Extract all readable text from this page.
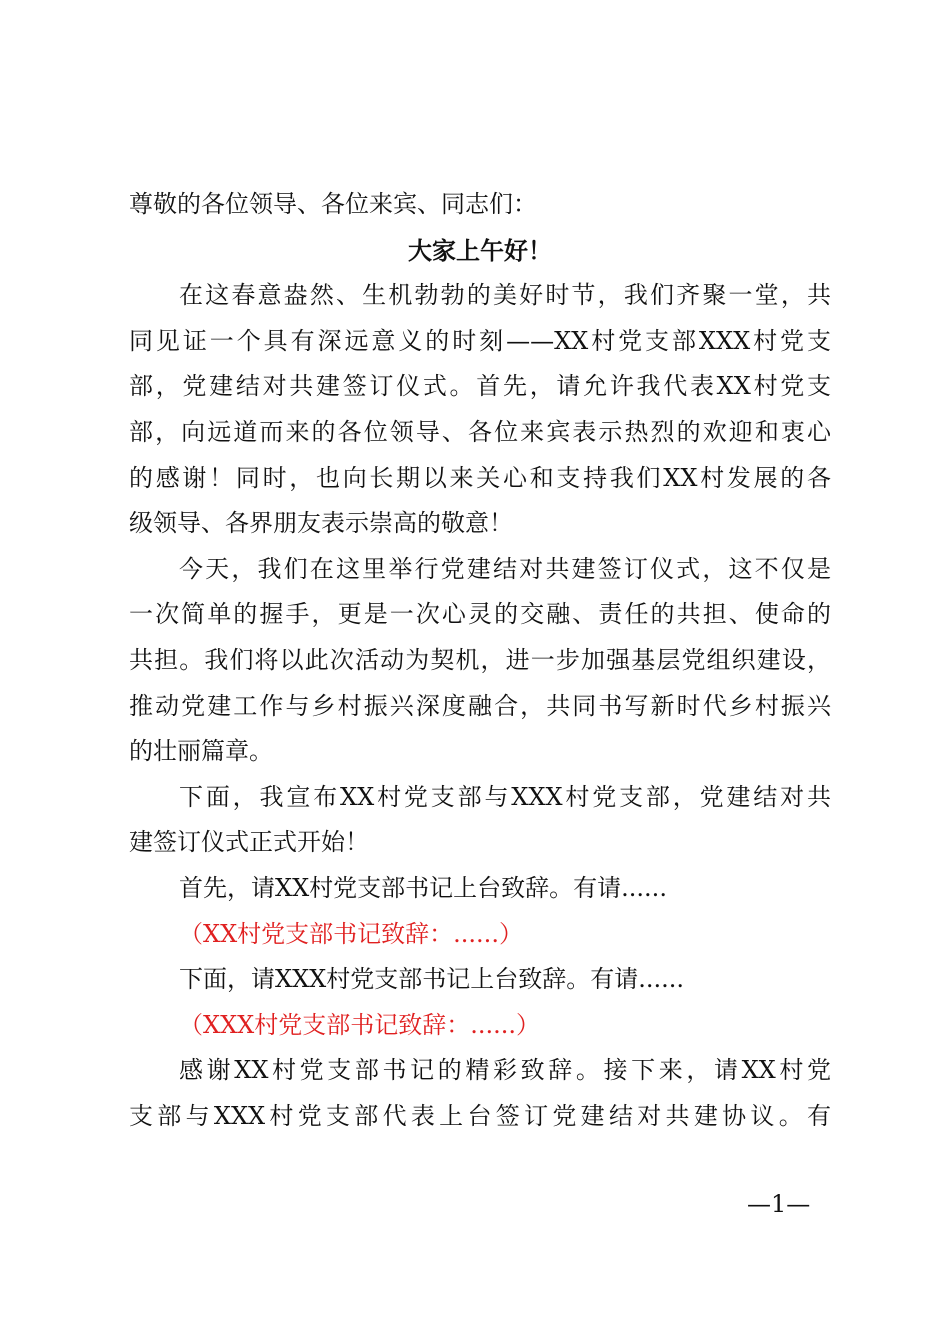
尊敬的各位领导、各位来宾、同志们：
大家上午好！
在这春意盎然、生机勃勃的美好时节，我们齐聚一堂，共
同见证一个具有深远意义的时刻——XX村党支部XXX村党支
部，党建结对共建签订仪式。首先，请允许我代表XX村党支
部，向远道而来的各位领导、各位来宾表示热烈的欢迎和衷心
的感谢！同时，也向长期以来关心和支持我们XX村发展的各
级领导、各界朋友表示崇高的敬意！
今天，我们在这里举行党建结对共建签订仪式，这不仅是
一次简单的握手，更是一次心灵的交融、责任的共担、使命的
共担。我们将以此次活动为契机，进一步加强基层党组织建设，
推动党建工作与乡村振兴深度融合，共同书写新时代乡村振兴
的壮丽篇章。
下面，我宣布XX村党支部与XXX村党支部，党建结对共
建签订仪式正式开始！
首先，请XX村党支部书记上台致辞。有请......
（XX村党支部书记致辞：......）
下面，请XXX村党支部书记上台致辞。有请......
（XXX村党支部书记致辞：......）
感谢XX村党支部书记的精彩致辞。接下来，请XX村党
支部与XXX村党支部代表上台签订党建结对共建协议。有
—1—
